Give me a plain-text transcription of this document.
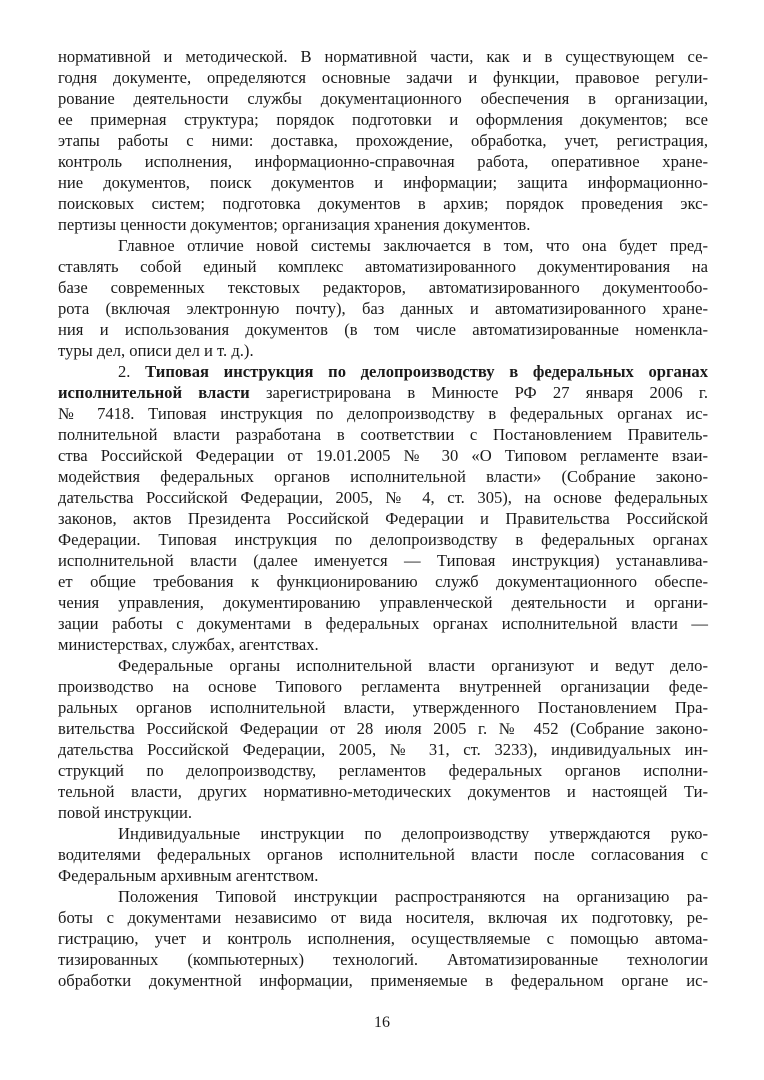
нормативной и методической. В нормативной части, как и в существующем се-
годня документе, определяются основные задачи и функции, правовое регули-
рование деятельности службы документационного обеспечения в организации,
ее примерная структура; порядок подготовки и оформления документов; все
этапы работы с ними: доставка, прохождение, обработка, учет, регистрация,
контроль исполнения, информационно-справочная работа, оперативное хране-
ние документов, поиск документов и информации; защита информационно-
поисковых систем; подготовка документов в архив; порядок проведения экс-
пертизы ценности документов; организация хранения документов.
Главное отличие новой системы заключается в том, что она будет пред-
ставлять собой единый комплекс автоматизированного документирования на
базе современных текстовых редакторов, автоматизированного документообо-
рота (включая электронную почту), баз данных и автоматизированного хране-
ния и использования документов (в том числе автоматизированные номенкла-
туры дел, описи дел и т. д.).
2. Типовая инструкция по делопроизводству в федеральных органах
исполнительной власти зарегистрирована в Минюсте РФ 27 января 2006 г.
№ 7418. Типовая инструкция по делопроизводству в федеральных органах ис-
полнительной власти разработана в соответствии с Постановлением Правитель-
ства Российской Федерации от 19.01.2005 № 30 «О Типовом регламенте взаи-
модействия федеральных органов исполнительной власти» (Собрание законо-
дательства Российской Федерации, 2005, № 4, ст. 305), на основе федеральных
законов, актов Президента Российской Федерации и Правительства Российской
Федерации. Типовая инструкция по делопроизводству в федеральных органах
исполнительной власти (далее именуется — Типовая инструкция) устанавлива-
ет общие требования к функционированию служб документационного обеспе-
чения управления, документированию управленческой деятельности и органи-
зации работы с документами в федеральных органах исполнительной власти —
министерствах, службах, агентствах.
Федеральные органы исполнительной власти организуют и ведут дело-
производство на основе Типового регламента внутренней организации феде-
ральных органов исполнительной власти, утвержденного Постановлением Пра-
вительства Российской Федерации от 28 июля 2005 г. № 452 (Собрание законо-
дательства Российской Федерации, 2005, № 31, ст. 3233), индивидуальных ин-
струкций по делопроизводству, регламентов федеральных органов исполни-
тельной власти, других нормативно-методических документов и настоящей Ти-
повой инструкции.
Индивидуальные инструкции по делопроизводству утверждаются руко-
водителями федеральных органов исполнительной власти после согласования с
Федеральным архивным агентством.
Положения Типовой инструкции распространяются на организацию ра-
боты с документами независимо от вида носителя, включая их подготовку, ре-
гистрацию, учет и контроль исполнения, осуществляемые с помощью автома-
тизированных (компьютерных) технологий. Автоматизированные технологии
обработки документной информации, применяемые в федеральном органе ис-
16
